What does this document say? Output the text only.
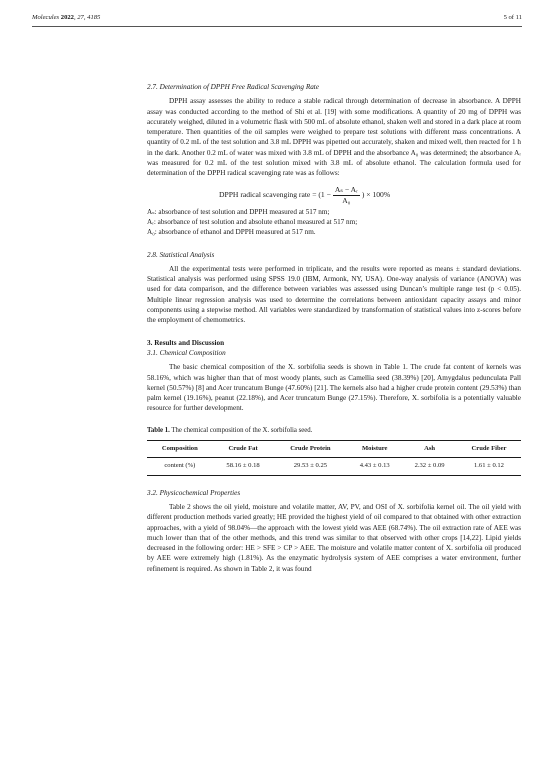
Molecules 2022, 27, 4185	5 of 11
2.7. Determination of DPPH Free Radical Scavenging Rate

DPPH assay assesses the ability to reduce a stable radical through determination of decrease in absorbance. A DPPH assay was conducted according to the method of Shi et al. [19] with some modifications. A quantity of 20 mg of DPPH was accurately weighed, diluted in a volumetric flask with 500 mL of absolute ethanol, shaken well and stored in a dark place at room temperature. Then quantities of the oil samples were weighed to prepare test solutions with different mass concentrations. A quantity of 0.2 mL of the test solution and 3.8 mL DPPH was pipetted out accurately, shaken and mixed well, then reacted for 1 h in the dark. Another 0.2 mL of water was mixed with 3.8 mL of DPPH and the absorbance A₀ was determined; the absorbance Aᵣ was measured for 0.2 mL of the test solution mixed with 3.8 mL of absolute ethanol. The calculation formula used for determination of the DPPH radical scavenging rate was as follows:

DPPH radical scavenging rate = ($1 - \frac{\text{Aₛ − Aᵣ}}{\text{A₀}}$ ) × 100%

Aₛ: absorbance of test solution and DPPH measured at 517 nm;

Aᵣ: absorbance of test solution and absolute ethanol measured at 517 nm;

A₀: absorbance of ethanol and DPPH measured at 517 nm.

2.8. Statistical Analysis

All the experimental tests were performed in triplicate, and the results were reported as means ± standard deviations. Statistical analysis was performed using SPSS 19.0 (IBM, Armonk, NY, USA). One-way analysis of variance (ANOVA) was used for data comparison, and the difference between variables was assessed using Duncan’s multiple range test (p < 0.05). Multiple linear regression analysis was used to determine the correlations between antioxidant capacity assays and minor components using a stepwise method. All variables were standardized by transformation of statistical values into z-scores before the employment of chemometrics.

3. Results and Discussion
3.1. Chemical Composition

The basic chemical composition of the X. sorbifolia seeds is shown in Table 1. The crude fat content of kernels was 58.16%, which was higher than that of most woody plants, such as Camellia seed (38.39%) [20], Amygdalus pedunculata Pall kernel (50.57%) [8] and Acer truncatum Bunge (47.60%) [21]. The kernels also had a higher crude protein content (29.53%) than palm kernel (19.16%), peanut (22.18%), and Acer truncatum Bunge (27.15%). Therefore, X. sorbifolia is a potentially valuable resource for further development.

Table 1. The chemical composition of the X. sorbifolia seed.
Composition	Crude Fat	Crude Protein	Moisture	Ash	Crude Fiber
content (%)	58.16 ± 0.18	29.53 ± 0.25	4.43 ± 0.13	2.32 ± 0.09	1.61 ± 0.12
3.2. Physicochemical Properties

Table 2 shows the oil yield, moisture and volatile matter, AV, PV, and OSI of X. sorbifolia kernel oil. The oil yield with different production methods varied greatly; HE provided the highest yield of oil compared to that obtained with other extraction approaches, with a yield of 98.04%—the approach with the lowest yield was AEE (68.74%). The oil extraction rate of AEE was much lower than that of the other methods, and this trend was similar to that observed with other crops [14,22]. Lipid yields decreased in the following order: HE > SFE > CP > AEE. The moisture and volatile matter content of X. sorbifolia oil produced by AEE were extremely high (1.81%). As the enzymatic hydrolysis system of AEE comprises a water environment, further refinement is required. As shown in Table 2, it was found
